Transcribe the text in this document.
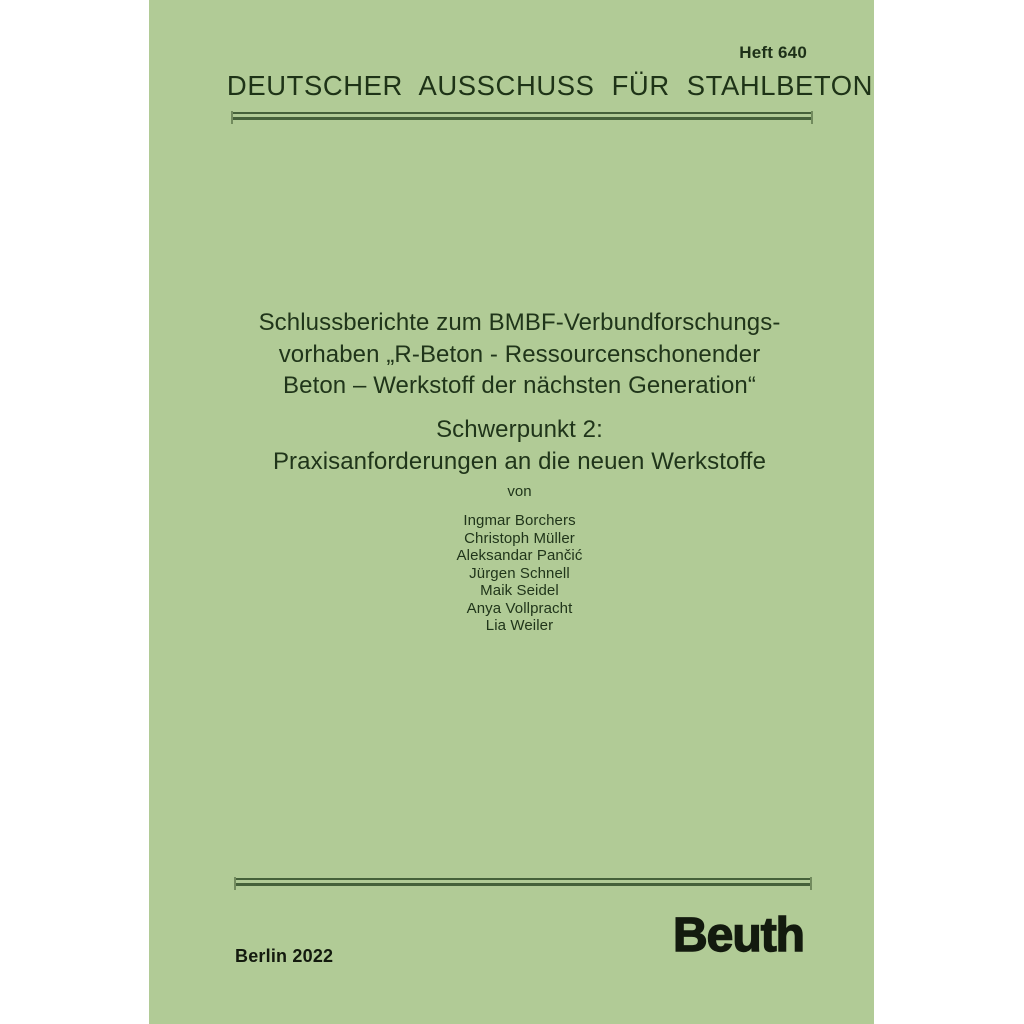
Heft 640
DEUTSCHER AUSSCHUSS FÜR STAHLBETON
Schlussberichte zum BMBF-Verbundforschungs-
vorhaben „R-Beton - Ressourcenschonender
Beton – Werkstoff der nächsten Generation“
Schwerpunkt 2:
Praxisanforderungen an die neuen Werkstoffe
von
Ingmar Borchers
Christoph Müller
Aleksandar Pančić
Jürgen Schnell
Maik Seidel
Anya Vollpracht
Lia Weiler
Beuth
Berlin 2022
